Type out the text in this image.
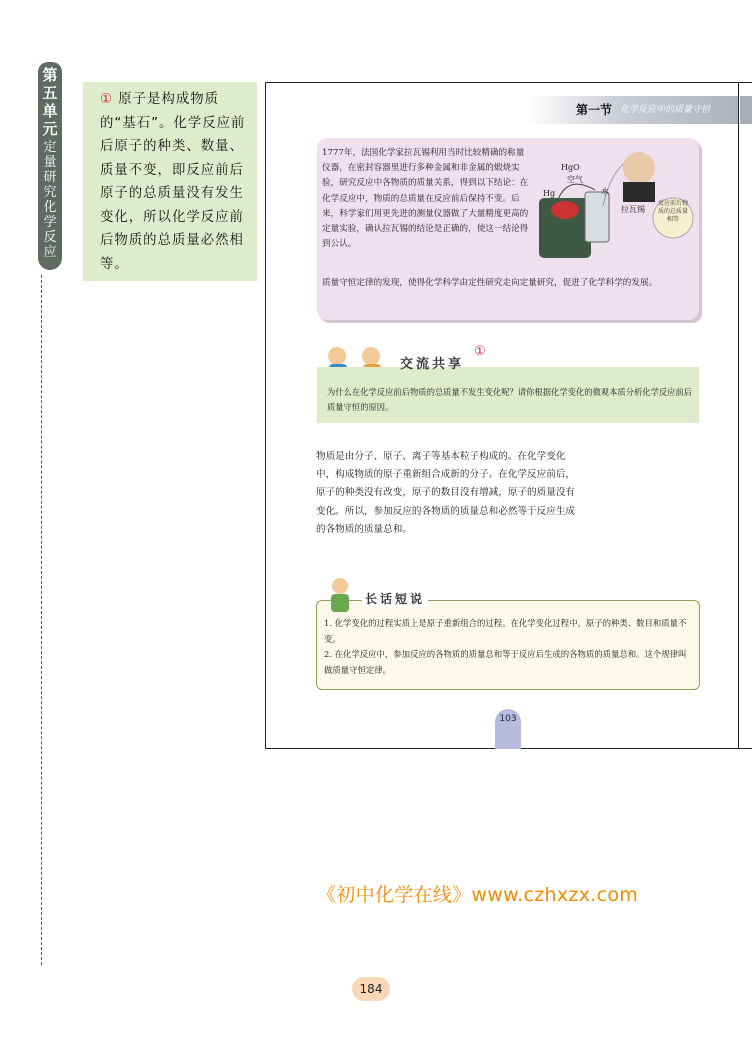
第五单元
定量研究化学反应
① 原子是构成物质的“基石”。化学反应前后原子的种类、数量、质量不变，即反应前后原子的总质量没有发生变化，所以化学反应前后物质的总质量必然相等。
第一节 化学反应中的质量守恒
1777年，法国化学家拉瓦锡利用当时比较精确的称量仪器，在密封容器里进行多种金属和非金属的煅烧实验，研究反应中各物质的质量关系，得到以下结论：在化学反应中，物质的总质量在反应前后保持不变。后来，科学家们用更先进的测量仪器做了大量精度更高的定量实验，确认拉瓦锡的结论是正确的，使这一结论得到公认。
质量守恒定律的发现，使得化学科学由定性研究走向定量研究，促进了化学科学的发展。
HgO
空气
Hg	水
拉瓦锡
反应前后物质的总质量相等
交流共享
①
为什么在化学反应前后物质的总质量不发生变化呢？请你根据化学变化的微观本质分析化学反应前后质量守恒的原因。
物质是由分子、原子、离子等基本粒子构成的。在化学变化中，构成物质的原子重新组合成新的分子。在化学反应前后，原子的种类没有改变，原子的数目没有增减，原子的质量没有变化。所以，参加反应的各物质的质量总和必然等于反应生成的各物质的质量总和。
长话短说
1. 化学变化的过程实质上是原子重新组合的过程。在化学变化过程中，原子的种类、数目和质量不变。
2. 在化学反应中，参加反应的各物质的质量总和等于反应后生成的各物质的质量总和。这个规律叫做质量守恒定律。
103
《初中化学在线》www.czhxzx.com
184
